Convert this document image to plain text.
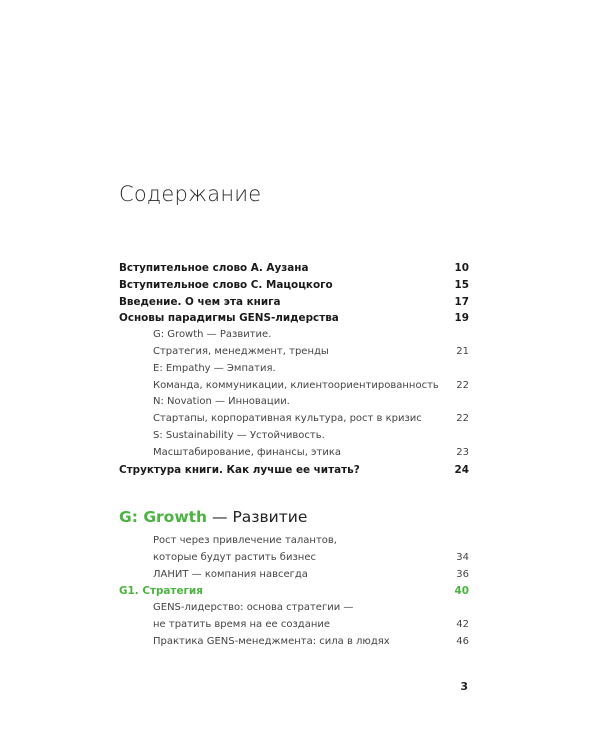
Содержание
Вступительное слово А. Аузана	10
Вступительное слово С. Мацоцкого	15
Введение. О чем эта книга	17
Основы парадигмы GENS-лидерства	19
G: Growth — Развитие.
Стратегия, менеджмент, тренды	21
E: Empathy — Эмпатия.
Команда, коммуникации, клиентоориентированность	22
N: Novation — Инновации.
Стартапы, корпоративная культура, рост в кризис	22
S: Sustainability — Устойчивость.
Масштабирование, финансы, этика	23
Структура книги. Как лучше ее читать?	24
G: Growth — Развитие
Рост через привлечение талантов,
которые будут растить бизнес	34
ЛАНИТ — компания навсегда	36
G1. Стратегия	40
GENS-лидерство: основа стратегии —
не тратить время на ее создание	42
Практика GENS-менеджмента: сила в людях	46
3
